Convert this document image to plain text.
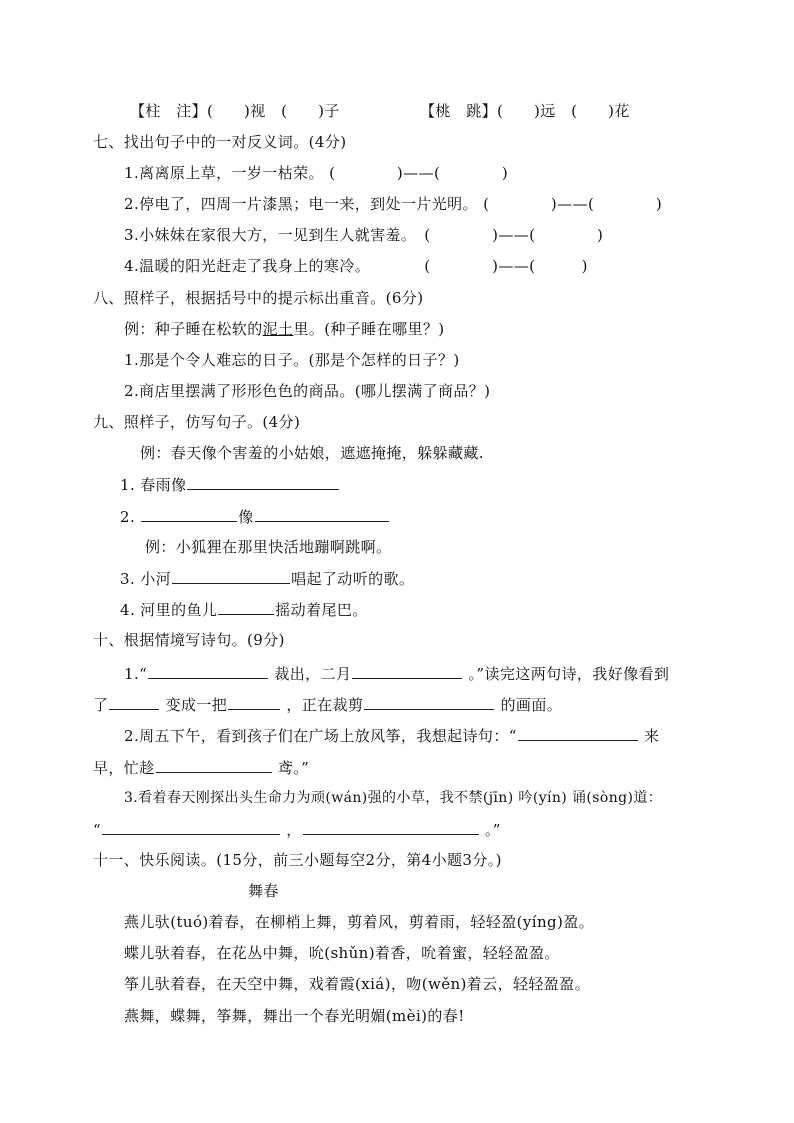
【柱　注】(　　)视　(　　)子	【桃　跳】(　　)远　(　　)花
七、找出句子中的一对反义词。(4分)
1.离离原上草，一岁一枯荣。 (　　　　)——(　　　　)
2.停电了，四周一片漆黑；电一来，到处一片光明。 (　　　　)——(　　　　)
3.小妹妹在家很大方，一见到生人就害羞。　(　　　　)——(　　　　)
4.温暖的阳光赶走了我身上的寒冷。　　　　(　　　　)——(　　　)
八、照样子，根据括号中的提示标出重音。(6分)
例：种子睡在松软的泥土里。(种子睡在哪里？)
1.那是个令人难忘的日子。(那是个怎样的日子？)
2.商店里摆满了形形色色的商品。(哪儿摆满了商品？)
九、照样子，仿写句子。(4分)
例：春天像个害羞的小姑娘，遮遮掩掩，躲躲藏藏.
1. 春雨像
2.	像
例：小狐狸在那里快活地蹦啊跳啊。
3. 小河	唱起了动听的歌。
4. 河里的鱼儿	摇动着尾巴。
十、根据情境写诗句。(9分)
1.“	裁出，二月	。”读完这两句诗，我好像看到
了	变成一把	，正在裁剪	的画面。
2.周五下午，看到孩子们在广场上放风筝，我想起诗句：“	来
早，忙趁	鸢。”
3.看着春天刚探出头生命力为顽(wán)强的小草，我不禁(jīn) 吟(yín) 诵(sòng)道：
“	，	。”
十一、快乐阅读。(15分，前三小题每空2分，第4小题3分。)
舞春
燕儿驮(tuó)着春，在柳梢上舞，剪着风，剪着雨，轻轻盈(yíng)盈。
蝶儿驮着春，在花丛中舞，吮(shǔn)着香，吮着蜜，轻轻盈盈。
筝儿驮着春，在天空中舞，戏着霞(xiá)，吻(wěn)着云，轻轻盈盈。
燕舞，蝶舞，筝舞，舞出一个春光明媚(mèi)的春!
